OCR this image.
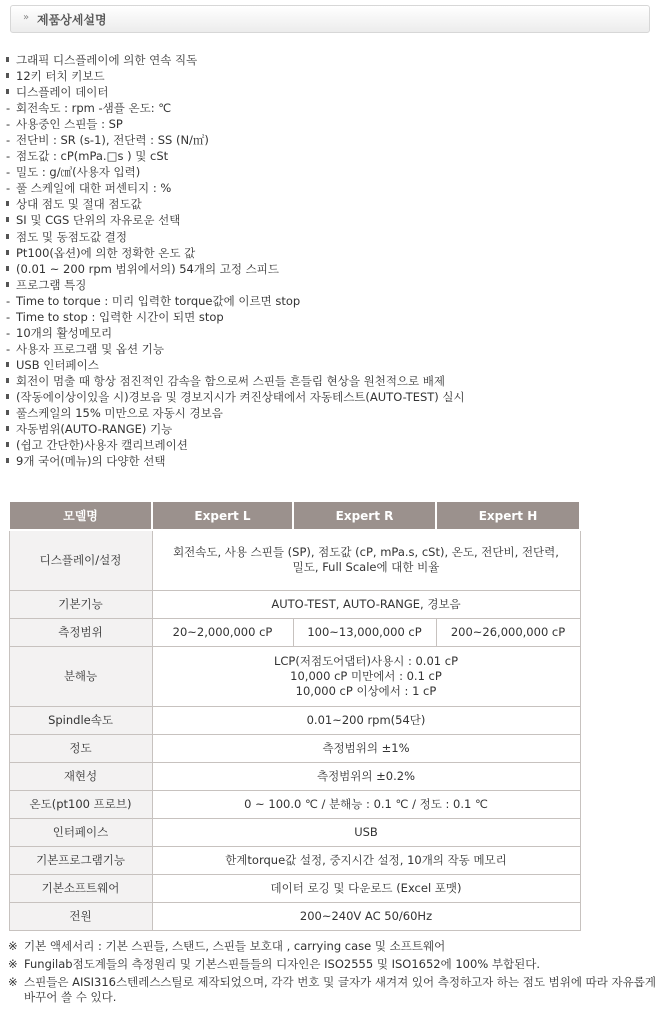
» 제품상세설명
그래픽 디스플레이에 의한 연속 직독
12키 터치 키보드
디스플레이 데이터
- 회전속도 : rpm -샘플 온도: ℃
- 사용중인 스핀들 : SP
- 전단비 : SR (s-1), 전단력 : SS (N/㎡)
- 점도값 : cP(mPa.□s ) 및 cSt
- 밀도 : g/㎤(사용자 입력)
- 풀 스케일에 대한 퍼센티지 : %
상대 점도 및 절대 점도값
SI 및 CGS 단위의 자유로운 선택
점도 및 동점도값 결정
Pt100(옵션)에 의한 정확한 온도 값
(0.01 ~ 200 rpm 범위에서의) 54개의 고정 스피드
프로그램 특징
- Time to torque : 미리 입력한 torque값에 이르면 stop
- Time to stop : 입력한 시간이 되면 stop
- 10개의 활성메모리
- 사용자 프로그램 및 옵션 기능
USB 인터페이스
회전이 멈출 때 항상 점진적인 감속을 함으로써 스핀들 흔들림 현상을 원천적으로 배제
(작동에이상이있을 시)경보음 및 경보지시가 켜진상태에서 자동테스트(AUTO-TEST) 실시
풀스케일의 15% 미만으로 자동시 경보음
자동범위(AUTO-RANGE) 기능
(쉽고 간단한)사용자 캘리브레이션
9개 국어(메뉴)의 다양한 선택
모델명	Expert L	Expert R	Expert H
디스플레이/설정	회전속도, 사용 스핀들 (SP), 점도값 (cP, mPa.s, cSt), 온도, 전단비, 전단력,
밀도, Full Scale에 대한 비율		

기본기능	AUTO-TEST, AUTO-RANGE, 경보음		

측정범위	20~2,000,000 cP	100~13,000,000 cP	200~26,000,000 cP
분해능	LCP(저점도어댑터)사용시 : 0.01 cP
10,000 cP 미만에서 : 0.1 cP
10,000 cP 이상에서 : 1 cP		

Spindle속도	0.01~200 rpm(54단)		

정도	측정범위의 ±1%		

재현성	측정범위의 ±0.2%		

온도(pt100 프로브)	0 ~ 100.0 ℃ / 분해능 : 0.1 ℃ / 정도 : 0.1 ℃		

인터페이스	USB		

기본프로그램기능	한계torque값 설정, 중지시간 설정, 10개의 작동 메모리		

기본소프트웨어	데이터 로깅 및 다운로드 (Excel 포맷)		

전원	200~240V AC 50/60Hz		
※ 기본 액세서리 : 기본 스핀들, 스탠드, 스핀들 보호대 , carrying case 및 소프트웨어
※ Fungilab점도계들의 측정원리 및 기본스핀들들의 디자인은 ISO2555 및 ISO1652에 100% 부합된다.
※ 스핀들은 AISI316스텐레스스틸로 제작되었으며, 각각 번호 및 글자가 새겨져 있어 측정하고자 하는 점도 범위에 따라 자유롭게 바꾸어 쓸 수 있다.
